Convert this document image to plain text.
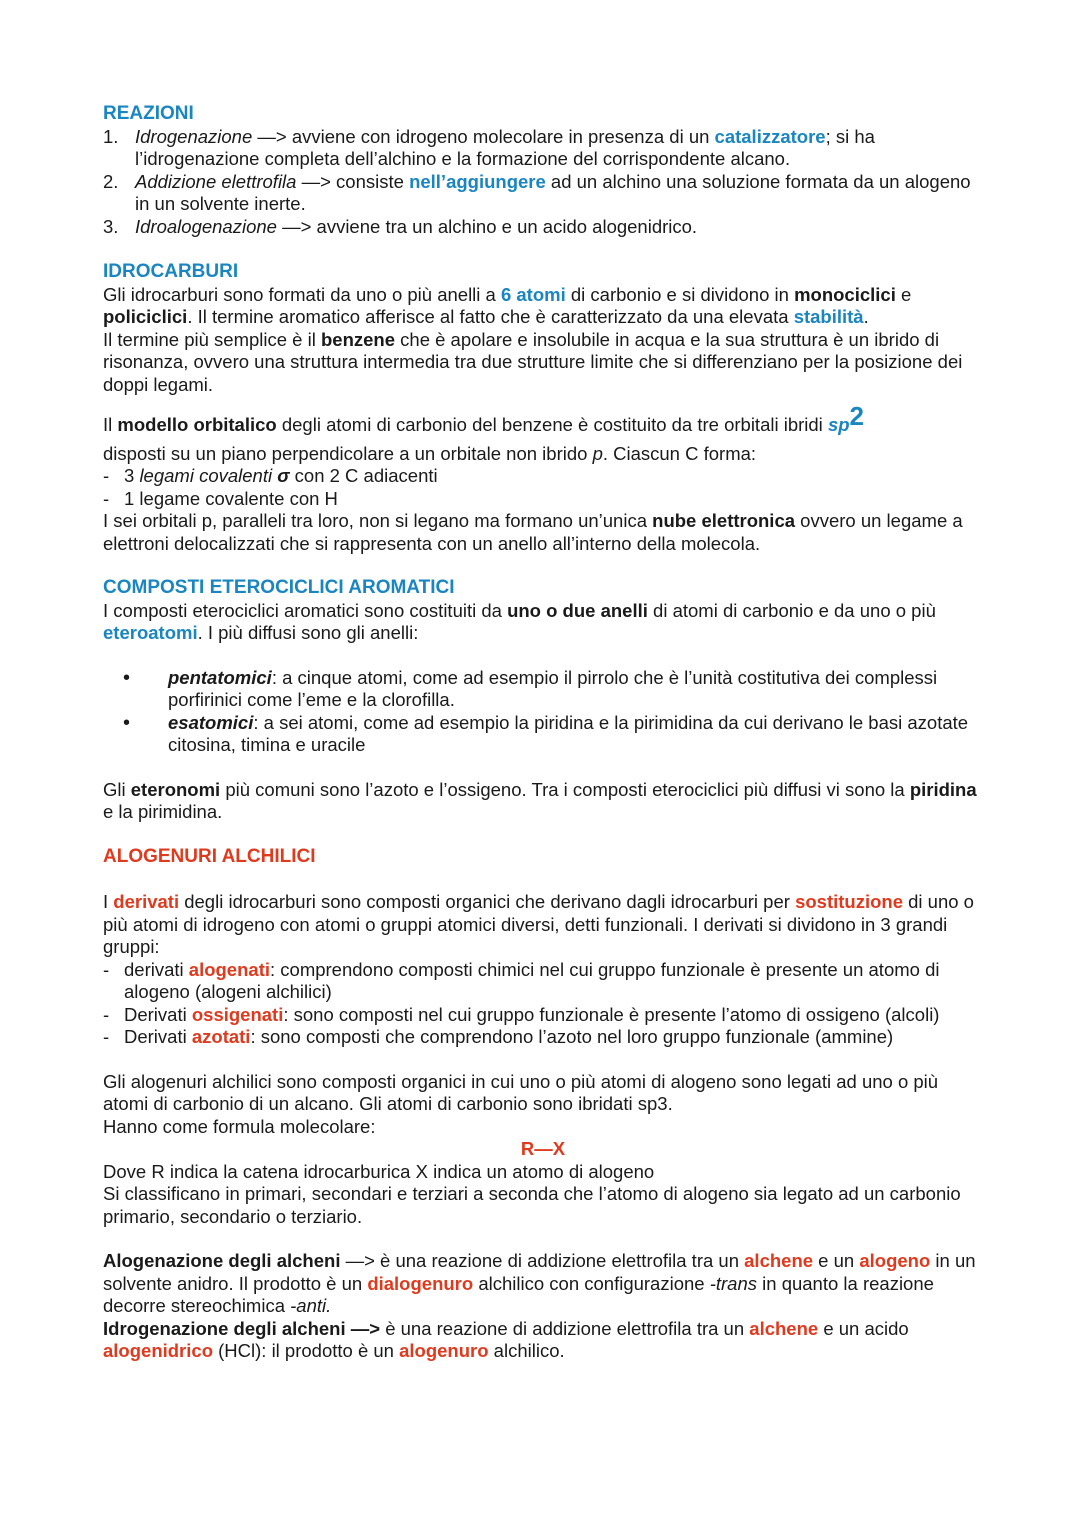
REAZIONI
1. Idrogenazione —> avviene con idrogeno molecolare in presenza di un catalizzatore; si ha l’idrogenazione completa dell’alchino e la formazione del corrispondente alcano.
2. Addizione elettrofila —> consiste nell’aggiungere ad un alchino una soluzione formata da un alogeno in un solvente inerte.
3. Idroalogenazione —> avviene tra un alchino e un acido alogenidrico.
IDROCARBURI

Gli idrocarburi sono formati da uno o più anelli a 6 atomi di carbonio e si dividono in monociclici e policiclici. Il termine aromatico afferisce al fatto che è caratterizzato da una elevata stabilità.

Il termine più semplice è il benzene che è apolare e insolubile in acqua e la sua struttura è un ibrido di risonanza, ovvero una struttura intermedia tra due strutture limite che si differenziano per la posizione dei doppi legami.

Il modello orbitalico degli atomi di carbonio del benzene è costituito da tre orbitali ibridi sp2

disposti su un piano perpendicolare a un orbitale non ibrido p. Ciascun C forma:

- 3 legami covalenti σ con 2 C adiacenti
- 1 legame covalente con H

I sei orbitali p, paralleli tra loro, non si legano ma formano un’unica nube elettronica ovvero un legame a elettroni delocalizzati che si rappresenta con un anello all’interno della molecola.

COMPOSTI ETEROCICLICI AROMATICI

I composti eterociclici aromatici sono costituiti da uno o due anelli di atomi di carbonio e da uno o più eteroatomi. I più diffusi sono gli anelli:

• pentatomici: a cinque atomi, come ad esempio il pirrolo che è l’unità costitutiva dei complessi porfirinici come l’eme e la clorofilla.
• esatomici: a sei atomi, come ad esempio la piridina e la pirimidina da cui derivano le basi azotate citosina, timina e uracile

Gli eteronomi più comuni sono l’azoto e l’ossigeno. Tra i composti eterociclici più diffusi vi sono la piridina e la pirimidina.

ALOGENURI ALCHILICI

I derivati degli idrocarburi sono composti organici che derivano dagli idrocarburi per sostituzione di uno o più atomi di idrogeno con atomi o gruppi atomici diversi, detti funzionali. I derivati si dividono in 3 grandi gruppi:

- derivati alogenati: comprendono composti chimici nel cui gruppo funzionale è presente un atomo di alogeno (alogeni alchilici)
- Derivati ossigenati: sono composti nel cui gruppo funzionale è presente l’atomo di ossigeno (alcoli)
- Derivati azotati: sono composti che comprendono l’azoto nel loro gruppo funzionale (ammine)

Gli alogenuri alchilici sono composti organici in cui uno o più atomi di alogeno sono legati ad uno o più atomi di carbonio di un alcano. Gli atomi di carbonio sono ibridati sp3.

Hanno come formula molecolare:

R—X

Dove R indica la catena idrocarburica X indica un atomo di alogeno

Si classificano in primari, secondari e terziari a seconda che l’atomo di alogeno sia legato ad un carbonio primario, secondario o terziario.

Alogenazione degli alcheni —> è una reazione di addizione elettrofila tra un alchene e un alogeno in un solvente anidro. Il prodotto è un dialogenuro alchilico con configurazione -trans in quanto la reazione decorre stereochimica -anti.

Idrogenazione degli alcheni —> è una reazione di addizione elettrofila tra un alchene e un acido alogenidrico (HCl): il prodotto è un alogenuro alchilico.
